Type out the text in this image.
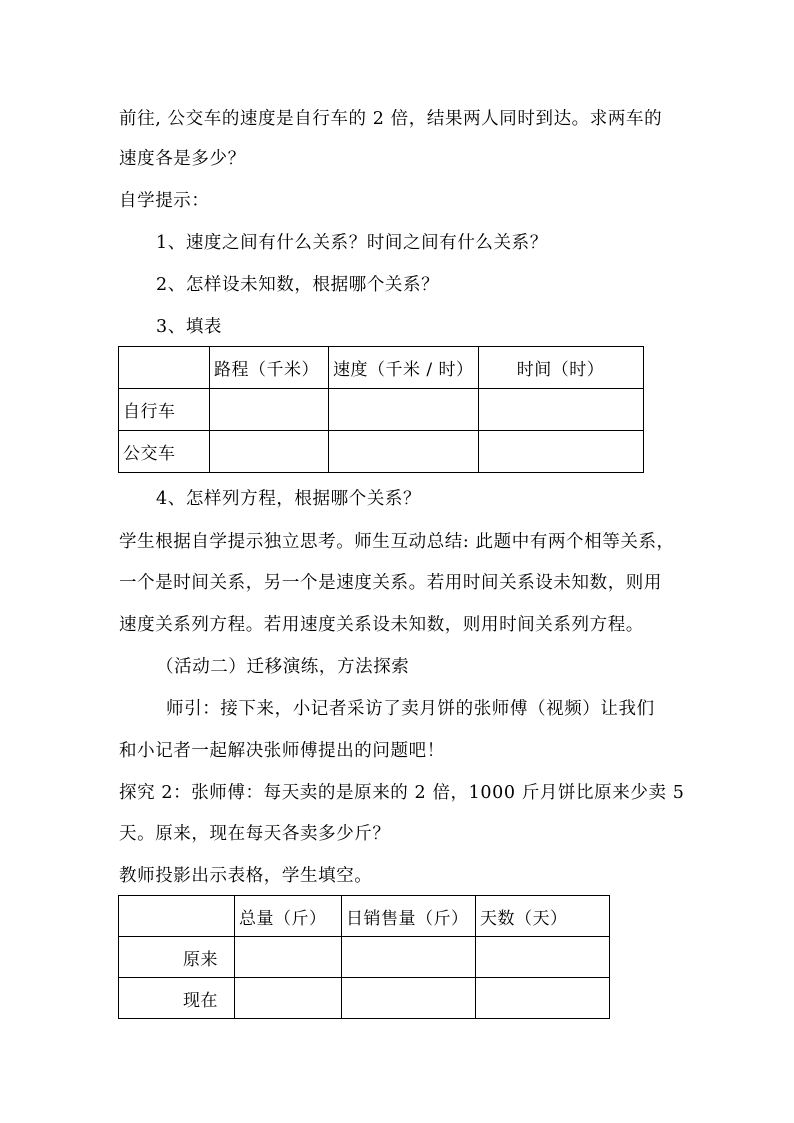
前往, 公交车的速度是自行车的 2 倍，结果两人同时到达。求两车的
速度各是多少？
自学提示：
1、速度之间有什么关系？时间之间有什么关系？
2、怎样设未知数，根据哪个关系？
3、填表
	路程（千米）	速度（千米 / 时）	时间（时）
自行车			
公交车			
4、怎样列方程，根据哪个关系？
学生根据自学提示独立思考。师生互动总结: 此题中有两个相等关系，
一个是时间关系，另一个是速度关系。若用时间关系设未知数，则用
速度关系列方程。若用速度关系设未知数，则用时间关系列方程。
（活动二）迁移演练，方法探索
师引：接下来，小记者采访了卖月饼的张师傅（视频）让我们
和小记者一起解决张师傅提出的问题吧！
探究 2：张师傅：每天卖的是原来的 2 倍，1000 斤月饼比原来少卖 5
天。原来，现在每天各卖多少斤？
教师投影出示表格，学生填空。
	总量（斤）	日销售量（斤）	天数（天）
原来			
现在			
